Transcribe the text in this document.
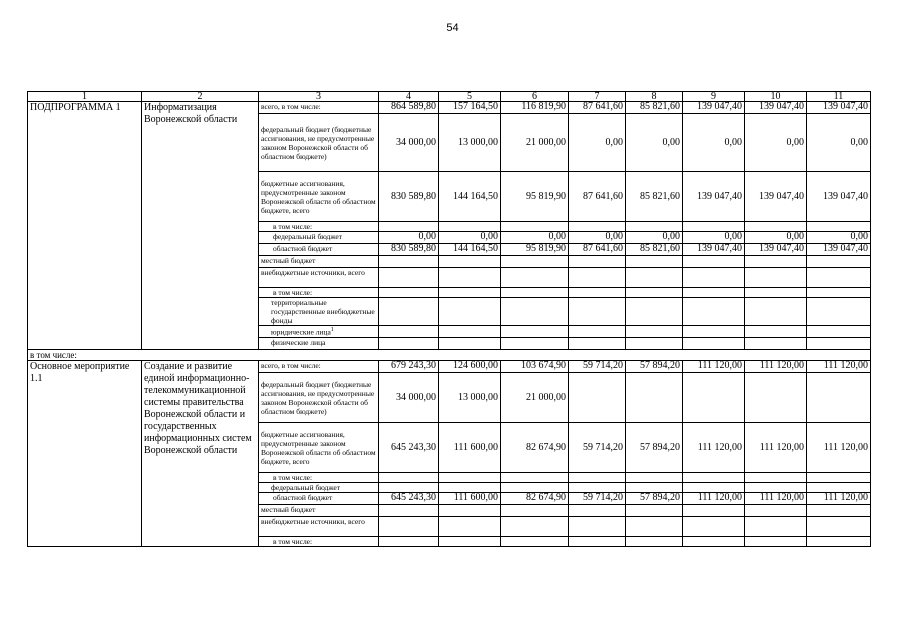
54
1	2	3	4	5	6	7	8	9	10	11
ПОДПРОГРАММА 1	Информатизация Воронежской области	всего, в том числе:	864 589,80	157 164,50	116 819,90	87 641,60	85 821,60	139 047,40	139 047,40	139 047,40
		федеральный бюджет (бюджетные ассигнования, не предусмотренные законом Воронежской области об областном бюджете)	34 000,00	13 000,00	21 000,00	0,00	0,00	0,00	0,00	0,00
		бюджетные ассигнования, предусмотренные законом Воронежской области об областном бюджете, всего	830 589,80	144 164,50	95 819,90	87 641,60	85 821,60	139 047,40	139 047,40	139 047,40
		в том числе:								
		федеральный бюджет	0,00	0,00	0,00	0,00	0,00	0,00	0,00	0,00
		областной бюджет	830 589,80	144 164,50	95 819,90	87 641,60	85 821,60	139 047,40	139 047,40	139 047,40
		местный бюджет								
		внебюджетные источники, всего								
		в том числе:								
		территориальные государственные внебюджетные фонды								
		юридические лица$^1$								
		физические лица								
в том числе:										
Основное мероприятие 1.1	Создание и развитие единой информационно-телекоммуникационной системы правительства Воронежской области и государственных информационных систем Воронежской области	всего, в том числе:	679 243,30	124 600,00	103 674,90	59 714,20	57 894,20	111 120,00	111 120,00	111 120,00
		федеральный бюджет (бюджетные ассигнования, не предусмотренные законом Воронежской области об областном бюджете)	34 000,00	13 000,00	21 000,00					
		бюджетные ассигнования, предусмотренные законом Воронежской области об областном бюджете, всего	645 243,30	111 600,00	82 674,90	59 714,20	57 894,20	111 120,00	111 120,00	111 120,00
		в том числе:								
		федеральный бюджет								
		областной бюджет	645 243,30	111 600,00	82 674,90	59 714,20	57 894,20	111 120,00	111 120,00	111 120,00
		местный бюджет								
		внебюджетные источники, всего								
		в том числе:								
